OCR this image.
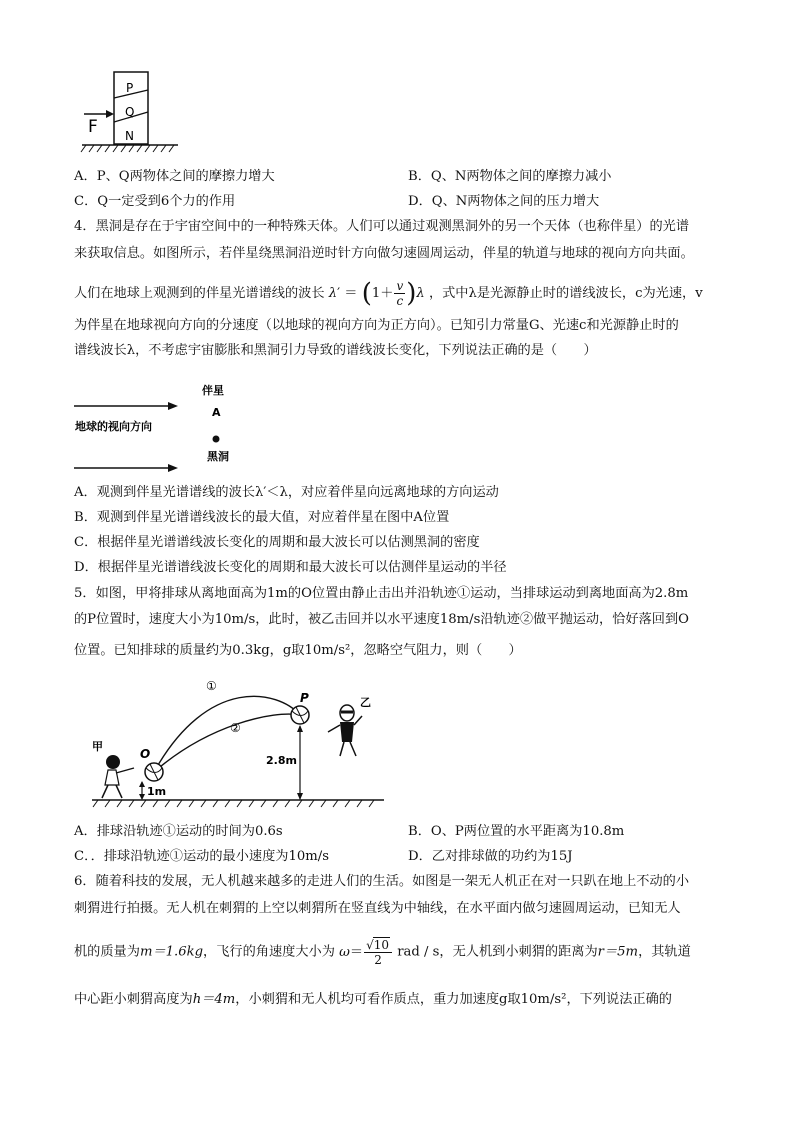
P
Q
N
F
A．P、Q两物体之间的摩擦力增大	B．Q、N两物体之间的摩擦力减小
C．Q一定受到6个力的作用	D．Q、N两物体之间的压力增大
4．黑洞是存在于宇宙空间中的一种特殊天体。人们可以通过观测黑洞外的另一个天体（也称伴星）的光谱
来获取信息。如图所示，若伴星绕黑洞沿逆时针方向做匀速圆周运动，伴星的轨道与地球的视向方向共面。
人们在地球上观测到的伴星光谱谱线的波长 $\lambda' = (1+ \frac{v}{c} )\lambda$ ，式中λ是光源静止时的谱线波长，c为光速，v
为伴星在地球视向方向的分速度（以地球的视向方向为正方向）。已知引力常量G、光速c和光源静止时的
谱线波长λ，不考虑宇宙膨胀和黑洞引力导致的谱线波长变化，下列说法正确的是（　　）
伴星
A
地球的视向方向
黑洞
A．观测到伴星光谱谱线的波长λ′＜λ，对应着伴星向远离地球的方向运动
B．观测到伴星光谱谱线波长的最大值，对应着伴星在图中A位置
C．根据伴星光谱谱线波长变化的周期和最大波长可以估测黑洞的密度
D．根据伴星光谱谱线波长变化的周期和最大波长可以估测伴星运动的半径
5．如图，甲将排球从离地面高为1m的O位置由静止击出并沿轨迹①运动，当排球运动到离地面高为2.8m
的P位置时，速度大小为10m/s，此时，被乙击回并以水平速度18m/s沿轨迹②做平抛运动，恰好落回到O
位置。已知排球的质量约为0.3kg，g取10m/s²，忽略空气阻力，则（　　）
①
②
O
P
甲
乙
2.8m
1m
A．排球沿轨迹①运动的时间为0.6s	B．O、P两位置的水平距离为10.8m
C．．排球沿轨迹①运动的最小速度为10m/s	D．乙对排球做的功约为15J
6．随着科技的发展，无人机越来越多的走进人们的生活。如图是一架无人机正在对一只趴在地上不动的小
刺猬进行拍摄。无人机在刺猬的上空以刺猬所在竖直线为中轴线，在水平面内做匀速圆周运动，已知无人
机的质量为m＝1.6kg，飞行的角速度大小为 $\omega= \frac{√10}{2}$ rad / s，无人机到小刺猬的距离为r＝5m，其轨道
中心距小刺猬高度为h＝4m，小刺猬和无人机均可看作质点，重力加速度g取10m/s²，下列说法正确的
